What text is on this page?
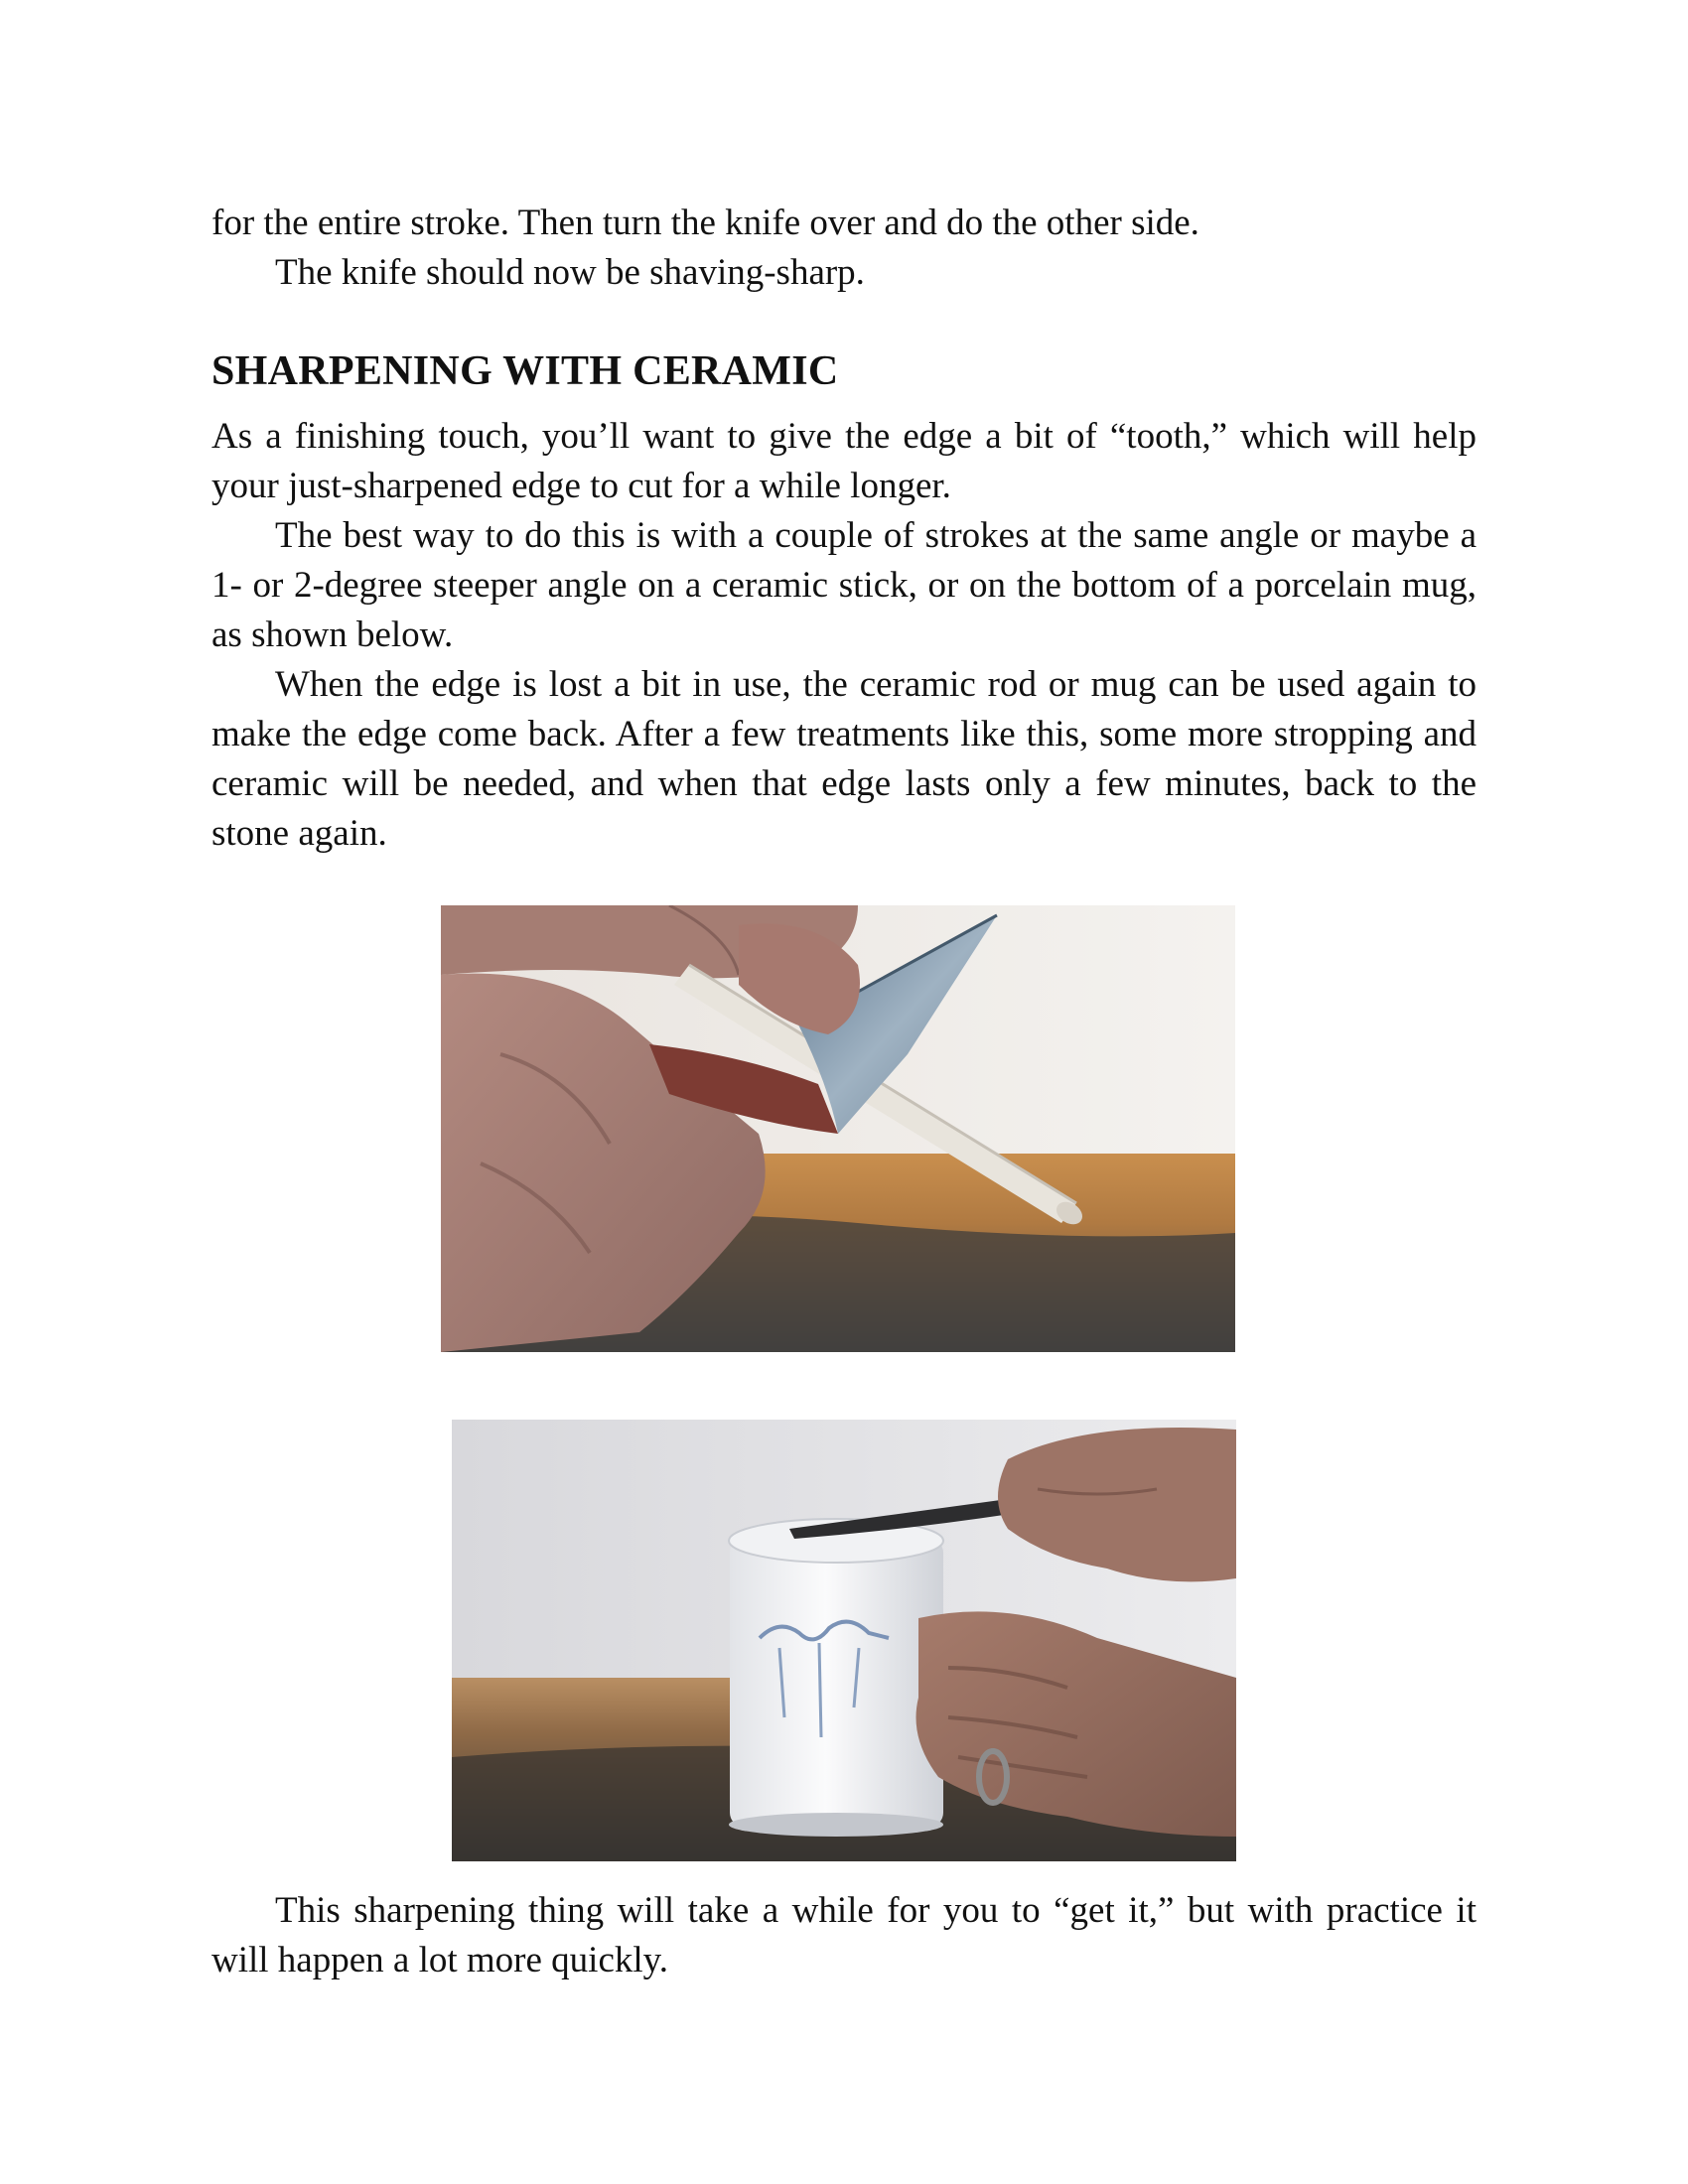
for the entire stroke. Then turn the knife over and do the other side.

The knife should now be shaving-sharp.

SHARPENING WITH CERAMIC

As a finishing touch, you’ll want to give the edge a bit of “tooth,” which will help your just-sharpened edge to cut for a while longer.

The best way to do this is with a couple of strokes at the same angle or maybe a 1- or 2-degree steeper angle on a ceramic stick, or on the bottom of a porcelain mug, as shown below.

When the edge is lost a bit in use, the ceramic rod or mug can be used again to make the edge come back. After a few treatments like this, some more stropping and ceramic will be needed, and when that edge lasts only a few minutes, back to the stone again.

This sharpening thing will take a while for you to “get it,” but with practice it will happen a lot more quickly.
